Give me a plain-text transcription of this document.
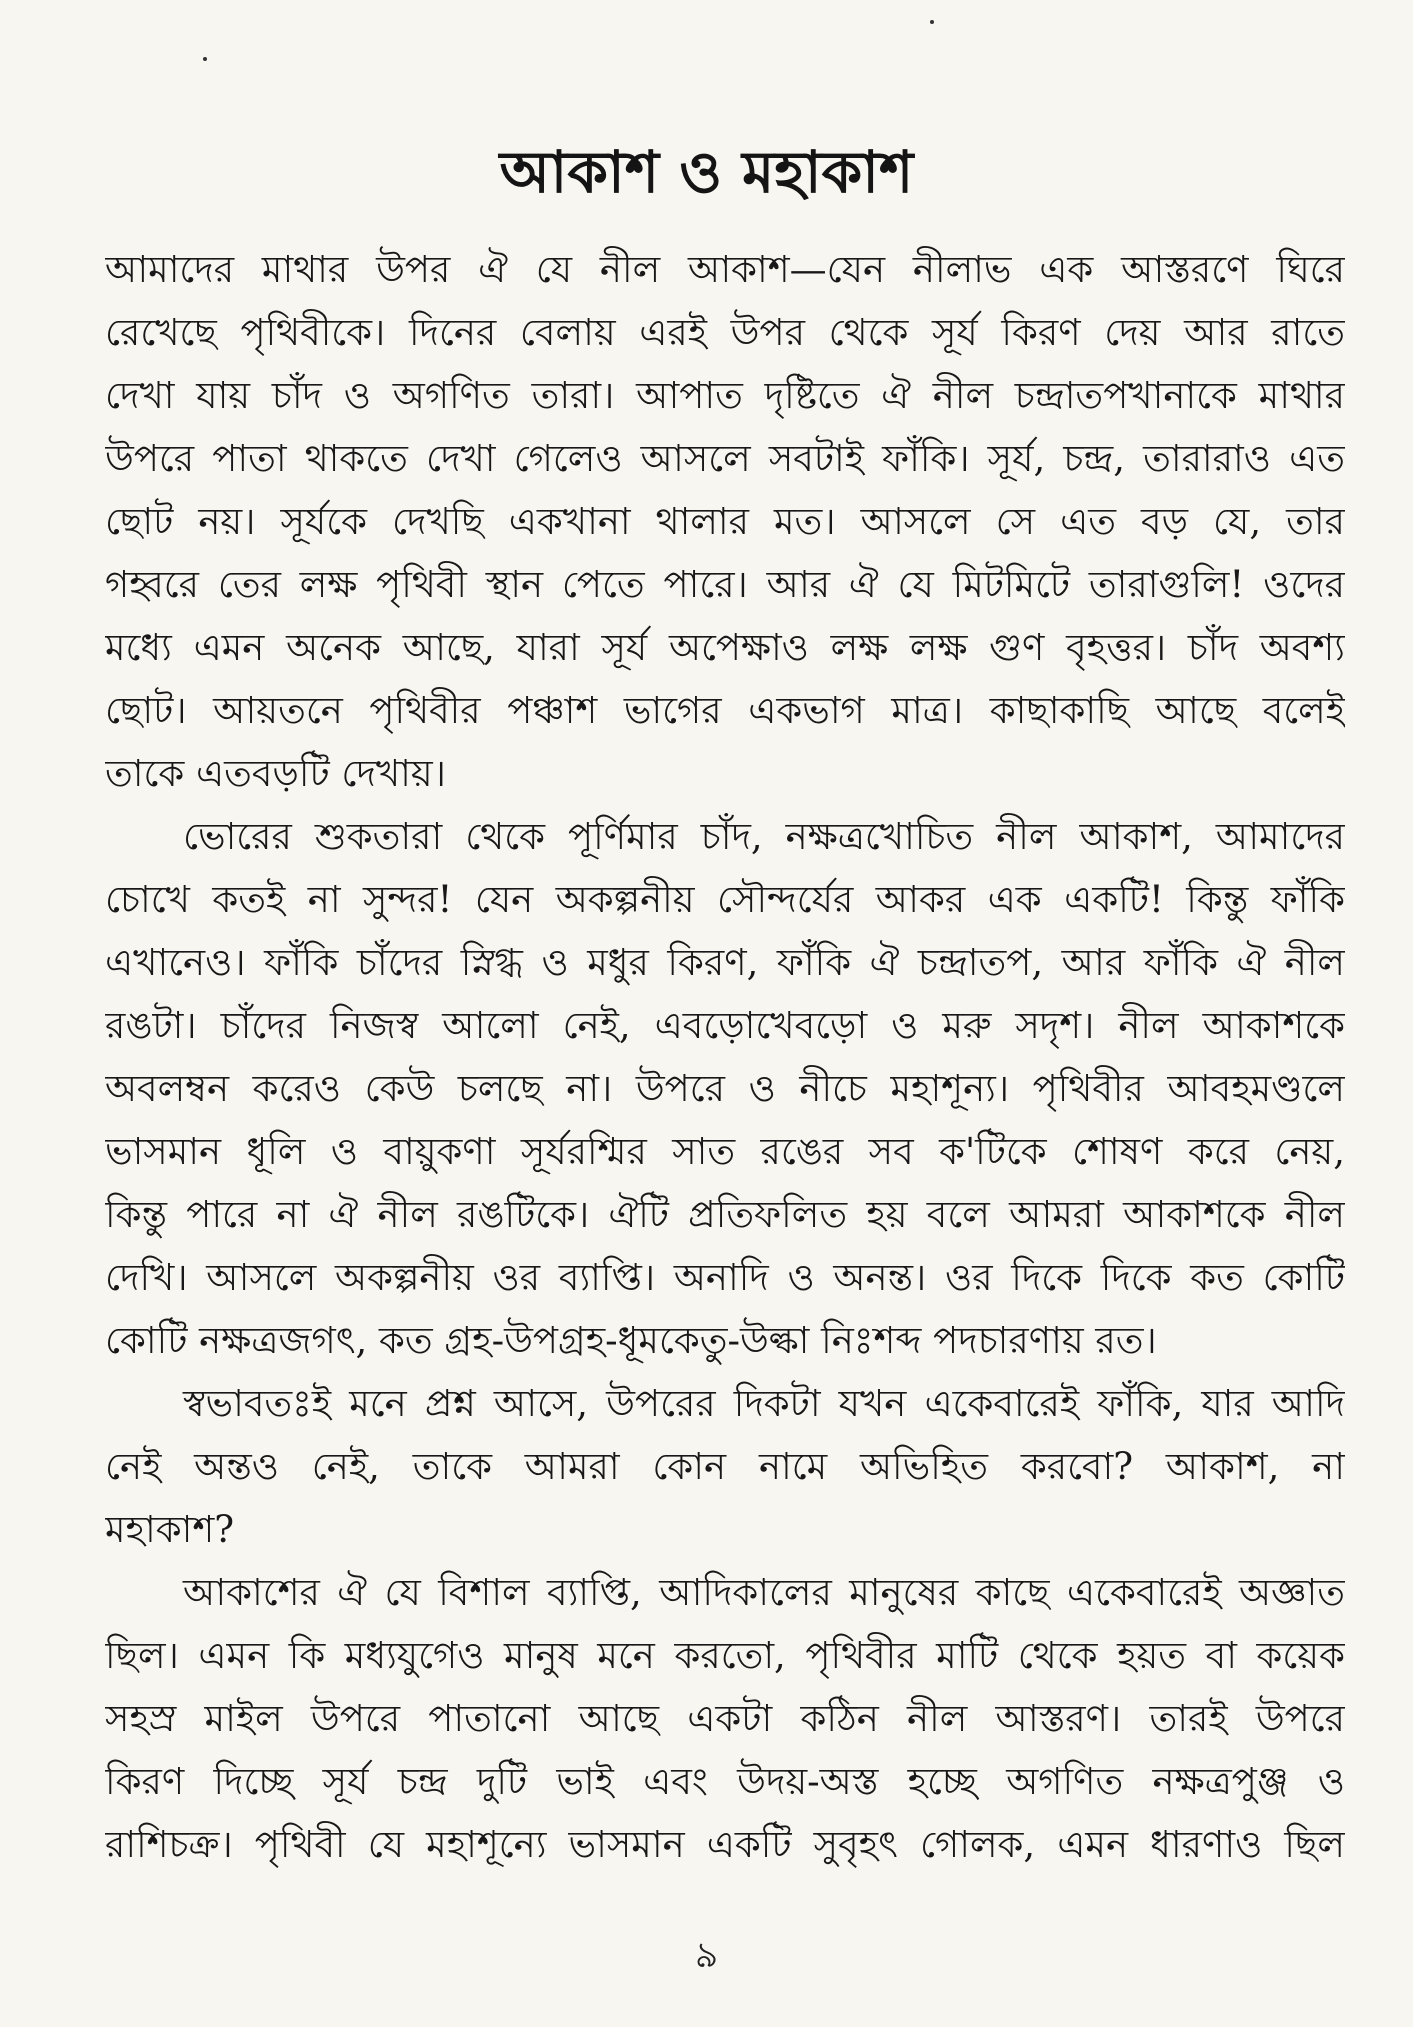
আকাশ ও মহাকাশ
আমাদের মাথার উপর ঐ যে নীল আকাশ—যেন নীলাভ এক আস্তরণে ঘিরে
রেখেছে পৃথিবীকে। দিনের বেলায় এরই উপর থেকে সূর্য কিরণ দেয় আর রাতে
দেখা যায় চাঁদ ও অগণিত তারা। আপাত দৃষ্টিতে ঐ নীল চন্দ্রাতপখানাকে মাথার
উপরে পাতা থাকতে দেখা গেলেও আসলে সবটাই ফাঁকি। সূর্য, চন্দ্র, তারারাও এত
ছোট নয়। সূর্যকে দেখছি একখানা থালার মত। আসলে সে এত বড় যে, তার
গহ্বরে তের লক্ষ পৃথিবী স্থান পেতে পারে। আর ঐ যে মিটমিটে তারাগুলি! ওদের
মধ্যে এমন অনেক আছে, যারা সূর্য অপেক্ষাও লক্ষ লক্ষ গুণ বৃহত্তর। চাঁদ অবশ্য
ছোট। আয়তনে পৃথিবীর পঞ্চাশ ভাগের একভাগ মাত্র। কাছাকাছি আছে বলেই
তাকে এতবড়টি দেখায়।
ভোরের শুকতারা থেকে পূর্ণিমার চাঁদ, নক্ষত্রখোচিত নীল আকাশ, আমাদের
চোখে কতই না সুন্দর! যেন অকল্পনীয় সৌন্দর্যের আকর এক একটি! কিন্তু ফাঁকি
এখানেও। ফাঁকি চাঁদের স্নিগ্ধ ও মধুর কিরণ, ফাঁকি ঐ চন্দ্রাতপ, আর ফাঁকি ঐ নীল
রঙটা। চাঁদের নিজস্ব আলো নেই, এবড়োখেবড়ো ও মরু সদৃশ। নীল আকাশকে
অবলম্বন করেও কেউ চলছে না। উপরে ও নীচে মহাশূন্য। পৃথিবীর আবহমণ্ডলে
ভাসমান ধূলি ও বায়ুকণা সূর্যরশ্মির সাত রঙের সব ক'টিকে শোষণ করে নেয়,
কিন্তু পারে না ঐ নীল রঙটিকে। ঐটি প্রতিফলিত হয় বলে আমরা আকাশকে নীল
দেখি। আসলে অকল্পনীয় ওর ব্যাপ্তি। অনাদি ও অনন্ত। ওর দিকে দিকে কত কোটি
কোটি নক্ষত্রজগৎ, কত গ্রহ-উপগ্রহ-ধূমকেতু-উল্কা নিঃশব্দ পদচারণায় রত।
স্বভাবতঃই মনে প্রশ্ন আসে, উপরের দিকটা যখন একেবারেই ফাঁকি, যার আদি
নেই অন্তও নেই, তাকে আমরা কোন নামে অভিহিত করবো? আকাশ, না
মহাকাশ?
আকাশের ঐ যে বিশাল ব্যাপ্তি, আদিকালের মানুষের কাছে একেবারেই অজ্ঞাত
ছিল। এমন কি মধ্যযুগেও মানুষ মনে করতো, পৃথিবীর মাটি থেকে হয়ত বা কয়েক
সহস্র মাইল উপরে পাতানো আছে একটা কঠিন নীল আস্তরণ। তারই উপরে
কিরণ দিচ্ছে সূর্য চন্দ্র দুটি ভাই এবং উদয়-অস্ত হচ্ছে অগণিত নক্ষত্রপুঞ্জ ও
রাশিচক্র। পৃথিবী যে মহাশূন্যে ভাসমান একটি সুবৃহৎ গোলক, এমন ধারণাও ছিল
৯
